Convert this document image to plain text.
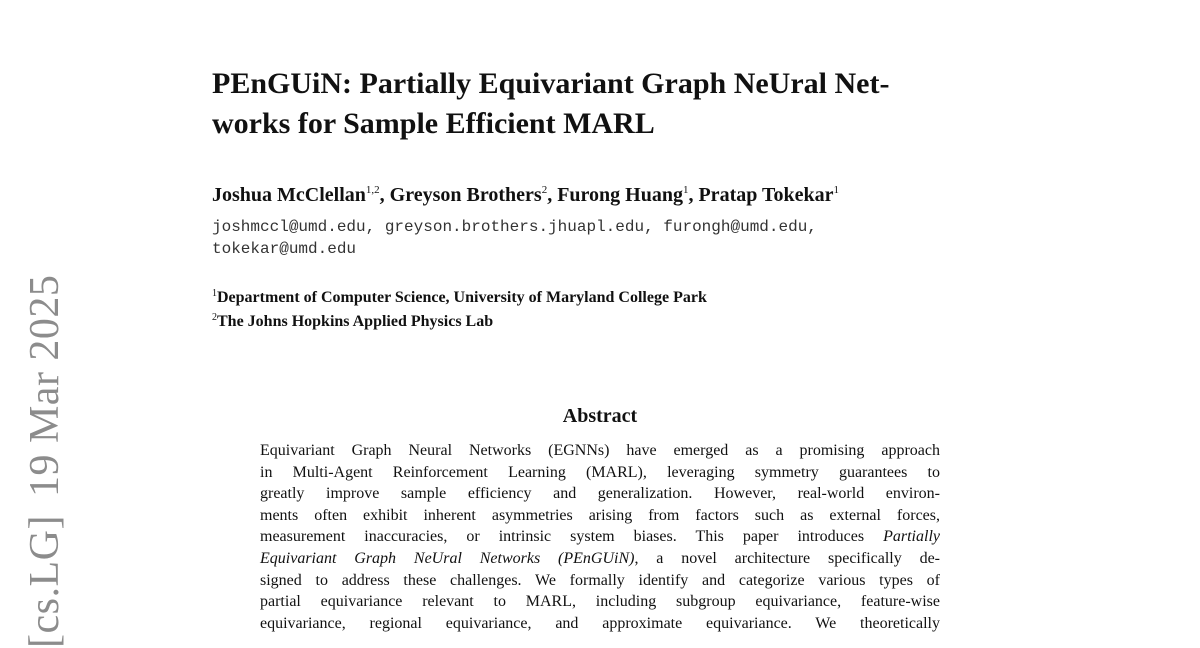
[cs.LG]19 Mar 2025
PEnGUiN: Partially Equivariant Graph NeUral Net-
works for Sample Efficient MARL
Joshua McClellan$^{1,2}$, Greyson Brothers$^2$, Furong Huang$^1$, Pratap Tokekar$^1$
joshmccl@umd.edu, greyson.brothers.jhuapl.edu, furongh@umd.edu,
tokekar@umd.edu
$^1$Department of Computer Science, University of Maryland College Park
$^2$The Johns Hopkins Applied Physics Lab
Abstract
Equivariant Graph Neural Networks (EGNNs) have emerged as a promising approach
in Multi-Agent Reinforcement Learning (MARL), leveraging symmetry guarantees to
greatly improve sample efficiency and generalization. However, real-world environ-
ments often exhibit inherent asymmetries arising from factors such as external forces,
measurement inaccuracies, or intrinsic system biases. This paper introduces Partially
Equivariant Graph NeUral Networks (PEnGUiN), a novel architecture specifically de-
signed to address these challenges. We formally identify and categorize various types of
partial equivariance relevant to MARL, including subgroup equivariance, feature-wise
equivariance, regional equivariance, and approximate equivariance. We theoretically
